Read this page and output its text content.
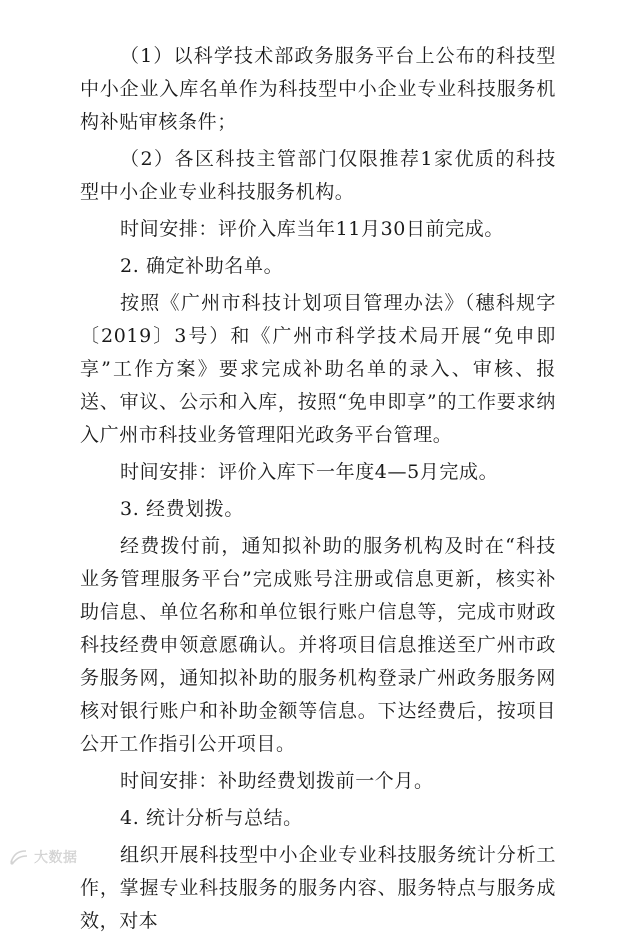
（1）以科学技术部政务服务平台上公布的科技型中小企业入库名单作为科技型中小企业专业科技服务机构补贴审核条件；

（2）各区科技主管部门仅限推荐1家优质的科技型中小企业专业科技服务机构。

时间安排：评价入库当年11月30日前完成。

2. 确定补助名单。

按照《广州市科技计划项目管理办法》（穗科规字〔2019〕3号）和《广州市科学技术局开展“免申即享”工作方案》要求完成补助名单的录入、审核、报送、审议、公示和入库，按照“免申即享”的工作要求纳入广州市科技业务管理阳光政务平台管理。

时间安排：评价入库下一年度4—5月完成。

3. 经费划拨。

经费拨付前，通知拟补助的服务机构及时在“科技业务管理服务平台”完成账号注册或信息更新，核实补助信息、单位名称和单位银行账户信息等，完成市财政科技经费申领意愿确认。并将项目信息推送至广州市政务服务网，通知拟补助的服务机构登录广州政务服务网核对银行账户和补助金额等信息。下达经费后，按项目公开工作指引公开项目。

时间安排：补助经费划拨前一个月。

4. 统计分析与总结。

组织开展科技型中小企业专业科技服务统计分析工作，掌握专业科技服务的服务内容、服务特点与服务成效，对本

大数据
